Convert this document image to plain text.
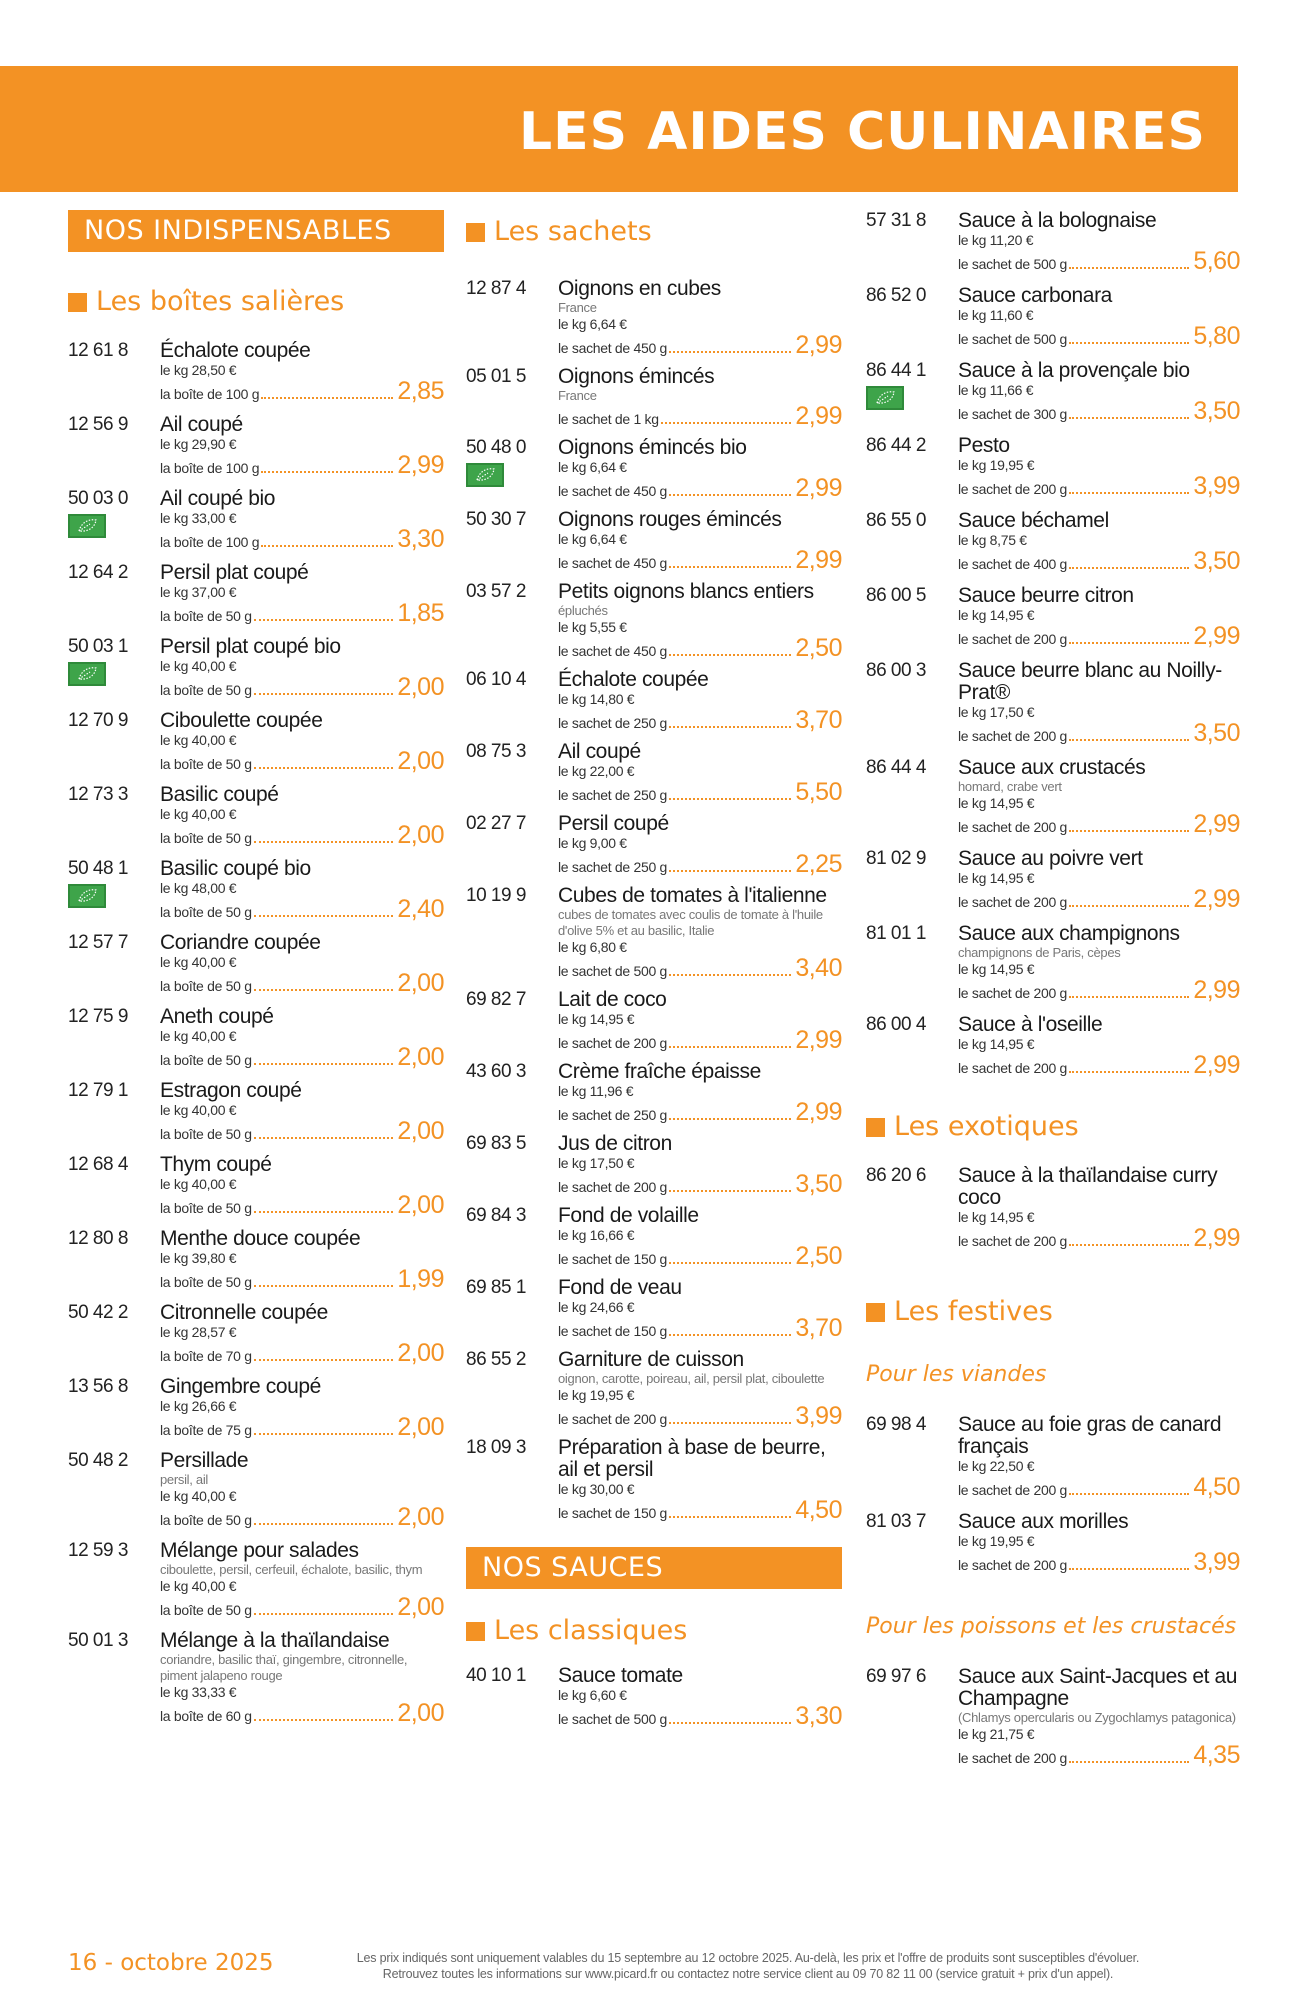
LES AIDES CULINAIRES
NOS INDISPENSABLES
Les boîtes salières
12 61 8 Échalote coupée
le kg 28,50 €
la boîte de 100 g	2,85
12 56 9 Ail coupé
le kg 29,90 €
la boîte de 100 g	2,99
50 03 0 Ail coupé bio
le kg 33,00 €
la boîte de 100 g	3,30
12 64 2 Persil plat coupé
le kg 37,00 €
la boîte de 50 g	1,85
50 03 1 Persil plat coupé bio
le kg 40,00 €
la boîte de 50 g	2,00
12 70 9 Ciboulette coupée
le kg 40,00 €
la boîte de 50 g	2,00
12 73 3 Basilic coupé
le kg 40,00 €
la boîte de 50 g	2,00
50 48 1 Basilic coupé bio
le kg 48,00 €
la boîte de 50 g	2,40
12 57 7 Coriandre coupée
le kg 40,00 €
la boîte de 50 g	2,00
12 75 9 Aneth coupé
le kg 40,00 €
la boîte de 50 g	2,00
12 79 1 Estragon coupé
le kg 40,00 €
la boîte de 50 g	2,00
12 68 4 Thym coupé
le kg 40,00 €
la boîte de 50 g	2,00
12 80 8 Menthe douce coupée
le kg 39,80 €
la boîte de 50 g	1,99
50 42 2 Citronnelle coupée
le kg 28,57 €
la boîte de 70 g	2,00
13 56 8 Gingembre coupé
le kg 26,66 €
la boîte de 75 g	2,00
50 48 2 Persillade
persil, ail
le kg 40,00 €
la boîte de 50 g	2,00
12 59 3 Mélange pour salades
ciboulette, persil, cerfeuil, échalote, basilic, thym
le kg 40,00 €
la boîte de 50 g	2,00
50 01 3 Mélange à la thaïlandaise
coriandre, basilic thaï, gingembre, citronnelle, piment jalapeno rouge
le kg 33,33 €
la boîte de 60 g	2,00
Les sachets
12 87 4 Oignons en cubes
France
le kg 6,64 €
le sachet de 450 g	2,99
05 01 5 Oignons émincés
France
le sachet de 1 kg	2,99
50 48 0 Oignons émincés bio
le kg 6,64 €
le sachet de 450 g	2,99
50 30 7 Oignons rouges émincés
le kg 6,64 €
le sachet de 450 g	2,99
03 57 2 Petits oignons blancs entiers
épluchés
le kg 5,55 €
le sachet de 450 g	2,50
06 10 4 Échalote coupée
le kg 14,80 €
le sachet de 250 g	3,70
08 75 3 Ail coupé
le kg 22,00 €
le sachet de 250 g	5,50
02 27 7 Persil coupé
le kg 9,00 €
le sachet de 250 g	2,25
10 19 9 Cubes de tomates à l'italienne
cubes de tomates avec coulis de tomate à l'huile d'olive 5% et au basilic, Italie
le kg 6,80 €
le sachet de 500 g	3,40
69 82 7 Lait de coco
le kg 14,95 €
le sachet de 200 g	2,99
43 60 3 Crème fraîche épaisse
le kg 11,96 €
le sachet de 250 g	2,99
69 83 5 Jus de citron
le kg 17,50 €
le sachet de 200 g	3,50
69 84 3 Fond de volaille
le kg 16,66 €
le sachet de 150 g	2,50
69 85 1 Fond de veau
le kg 24,66 €
le sachet de 150 g	3,70
86 55 2 Garniture de cuisson
oignon, carotte, poireau, ail, persil plat, ciboulette
le kg 19,95 €
le sachet de 200 g	3,99
18 09 3 Préparation à base de beurre, ail et persil
le kg 30,00 €
le sachet de 150 g	4,50
NOS SAUCES
Les classiques
40 10 1 Sauce tomate
le kg 6,60 €
le sachet de 500 g	3,30
57 31 8 Sauce à la bolognaise
le kg 11,20 €
le sachet de 500 g	5,60
86 52 0 Sauce carbonara
le kg 11,60 €
le sachet de 500 g	5,80
86 44 1 Sauce à la provençale bio
le kg 11,66 €
le sachet de 300 g	3,50
86 44 2 Pesto
le kg 19,95 €
le sachet de 200 g	3,99
86 55 0 Sauce béchamel
le kg 8,75 €
le sachet de 400 g	3,50
86 00 5 Sauce beurre citron
le kg 14,95 €
le sachet de 200 g	2,99
86 00 3 Sauce beurre blanc au Noilly-Prat®
le kg 17,50 €
le sachet de 200 g	3,50
86 44 4 Sauce aux crustacés
homard, crabe vert
le kg 14,95 €
le sachet de 200 g	2,99
81 02 9 Sauce au poivre vert
le kg 14,95 €
le sachet de 200 g	2,99
81 01 1 Sauce aux champignons
champignons de Paris, cèpes
le kg 14,95 €
le sachet de 200 g	2,99
86 00 4 Sauce à l'oseille
le kg 14,95 €
le sachet de 200 g	2,99
Les exotiques
86 20 6 Sauce à la thaïlandaise curry coco
le kg 14,95 €
le sachet de 200 g	2,99
Les festives
Pour les viandes
69 98 4 Sauce au foie gras de canard français
le kg 22,50 €
le sachet de 200 g	4,50
81 03 7 Sauce aux morilles
le kg 19,95 €
le sachet de 200 g	3,99
Pour les poissons et les crustacés
69 97 6 Sauce aux Saint-Jacques et au Champagne
(Chlamys opercularis ou Zygochlamys patagonica)
le kg 21,75 €
le sachet de 200 g	4,35
16 - octobre 2025	Les prix indiqués sont uniquement valables du 15 septembre au 12 octobre 2025. Au-delà, les prix et l'offre de produits sont susceptibles d'évoluer.
Retrouvez toutes les informations sur www.picard.fr ou contactez notre service client au 09 70 82 11 00 (service gratuit + prix d'un appel).
